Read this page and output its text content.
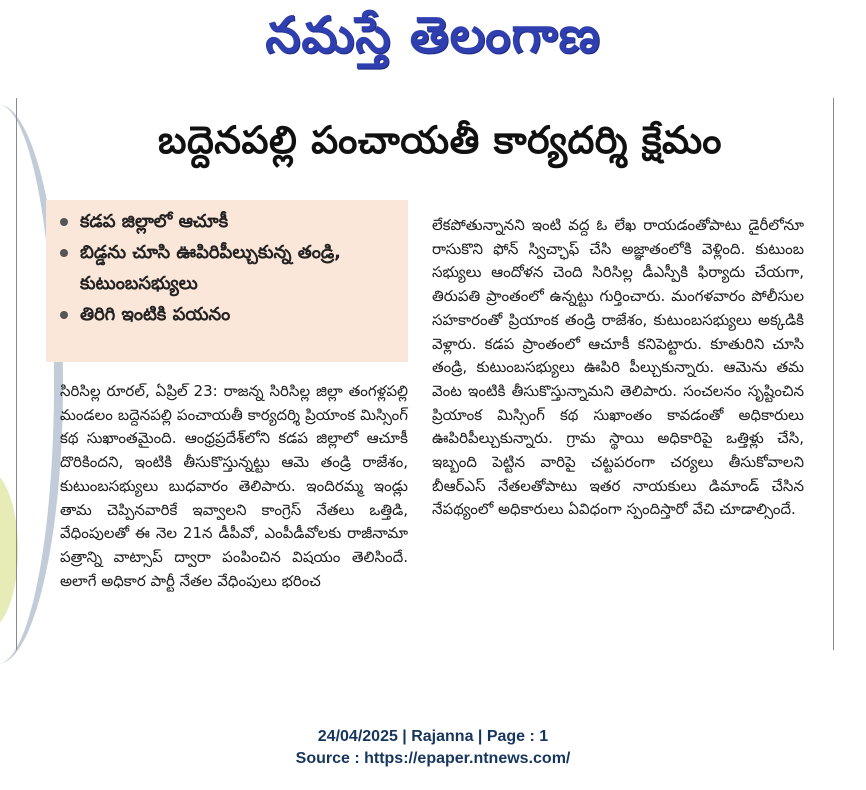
నమస్తే తెలంగాణ
బద్దెనపల్లి పంచాయతీ కార్యదర్శి క్షేమం
కడప జిల్లాలో ఆచూకీ
బిడ్డను చూసి ఊపిరిపీల్చుకున్న తండ్రి, కుటుంబసభ్యులు
తిరిగి ఇంటికి పయనం

సిరిసిల్ల రూరల్, ఏప్రిల్ 23: రాజన్న సిరిసిల్ల జిల్లా తంగళ్లపల్లి మండలం బద్దెనపల్లి పంచాయతీ కార్యదర్శి ప్రియాంక మిస్సింగ్ కథ సుఖాంతమైంది. ఆంధ్రప్రదేశ్‌లోని కడప జిల్లాలో ఆచూకీ దొరికిందని, ఇంటికి తీసుకొస్తున్నట్టు ఆమె తండ్రి రాజేశం, కుటుంబసభ్యులు బుధవారం తెలిపారు. ఇందిరమ్మ ఇండ్లు తామ చెప్పినవారికే ఇవ్వాలని కాంగ్రెస్ నేతలు ఒత్తిడి, వేధింపులతో ఈ నెల 21న డీపీవో, ఎంపీడీవోలకు రాజీనామా పత్రాన్ని వాట్సాప్ ద్వారా పంపించిన విషయం తెలిసిందే. అలాగే అధికార పార్టీ నేతల వేధింపులు భరించ

లేకపోతున్నానని ఇంటి వద్ద ఓ లేఖ రాయడంతోపాటు డైరీలోనూ రాసుకొని ఫోన్ స్విచ్ఛాఫ్ చేసి అజ్ఞాతంలోకి వెళ్లింది. కుటుంబ సభ్యులు ఆందోళన చెంది సిరిసిల్ల డీఎస్పీకి ఫిర్యాదు చేయగా, తిరుపతి ప్రాంతంలో ఉన్నట్టు గుర్తించారు. మంగళవారం పోలీసుల సహకారంతో ప్రియాంక తండ్రి రాజేశం, కుటుంబసభ్యులు అక్కడికి వెళ్లారు. కడప ప్రాంతంలో ఆచూకీ కనిపెట్టారు. కూతురిని చూసి తండ్రి, కుటుంబసభ్యులు ఊపిరి పీల్చుకున్నారు. ఆమెను తమ వెంట ఇంటికి తీసుకొస్తున్నామని తెలిపారు. సంచలనం సృష్టించిన ప్రియాంక మిస్సింగ్ కథ సుఖాంతం కావడంతో అధికారులు ఊపిరిపీల్చుకున్నారు. గ్రామ స్థాయి అధికారిపై ఒత్తిళ్లు చేసి, ఇబ్బంది పెట్టిన వారిపై చట్టపరంగా చర్యలు తీసుకోవాలని బీఆర్ఎస్ నేతలతోపాటు ఇతర నాయకులు డిమాండ్ చేసిన నేపథ్యంలో అధికారులు ఏవిధంగా స్పందిస్తారో వేచి చూడాల్సిందే.

24/04/2025 | Rajanna | Page : 1
Source : https://epaper.ntnews.com/
